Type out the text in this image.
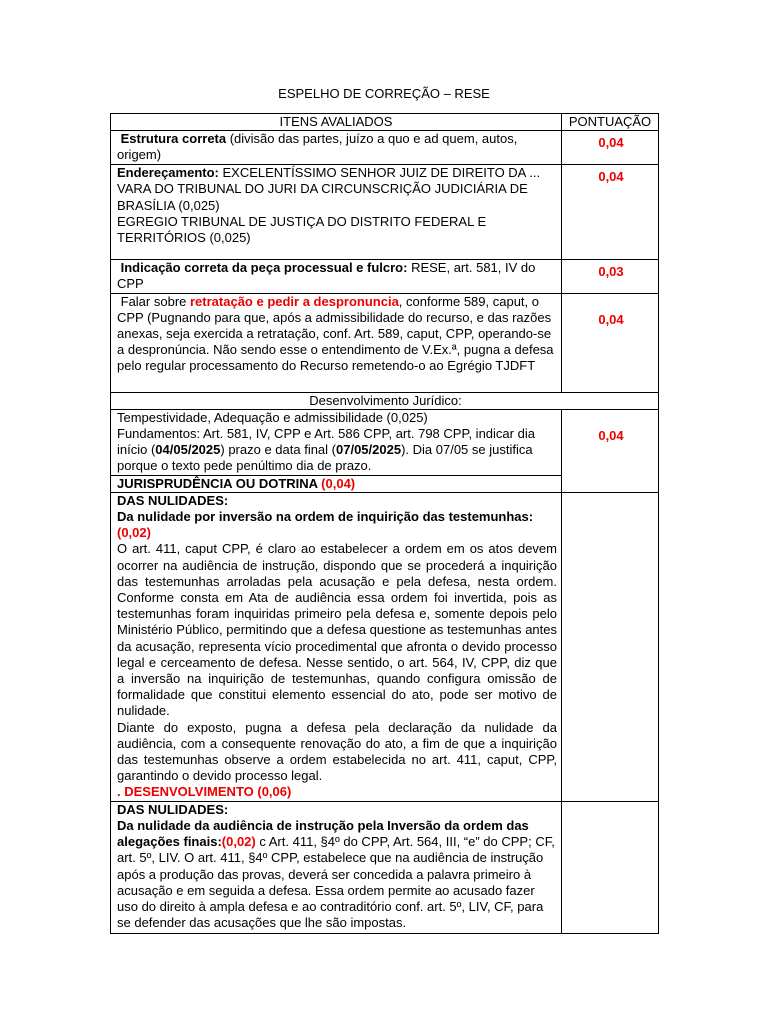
ESPELHO DE CORREÇÃO – RESE
ITENS AVALIADOS	PONTUAÇÃO
Estrutura correta (divisão das partes, juízo a quo e ad quem, autos, origem)	0,04
Endereçamento: EXCELENTÍSSIMO SENHOR JUIZ DE DIREITO DA ... VARA DO TRIBUNAL DO JURI DA CIRCUNSCRIÇÃO JUDICIÁRIA DE BRASÍLIA (0,025)
EGREGIO TRIBUNAL DE JUSTIÇA DO DISTRITO FEDERAL E TERRITÓRIOS (0,025)	0,04
Indicação correta da peça processual e fulcro: RESE, art. 581, IV do CPP	0,03
Falar sobre retratação e pedir a despronuncia, conforme 589, caput, o CPP (Pugnando para que, após a admissibilidade do recurso, e das razões anexas, seja exercida a retratação, conf. Art. 589, caput, CPP, operando-se a despronúncia. Não sendo esse o entendimento de V.Ex.ª, pugna a defesa pelo regular processamento do Recurso remetendo-o ao Egrégio TJDFT	0,04
Desenvolvimento Jurídico:	

Tempestividade, Adequação e admissibilidade (0,025)
Fundamentos: Art. 581, IV, CPP e Art. 586 CPP, art. 798 CPP, indicar dia início (04/05/2025) prazo e data final (07/05/2025). Dia 07/05 se justifica porque o texto pede penúltimo dia de prazo.
JURISPRUDÊNCIA OU DOTRINA (0,04)	0,04

DAS NULIDADES:
Da nulidade por inversão na ordem de inquirição das testemunhas:(0,02)
O art. 411, caput CPP, é claro ao estabelecer a ordem em os atos devem ocorrer na audiência de instrução, dispondo que se procederá a inquirição das testemunhas arroladas pela acusação e pela defesa, nesta ordem. Conforme consta em Ata de audiência essa ordem foi invertida, pois as testemunhas foram inquiridas primeiro pela defesa e, somente depois pelo Ministério Público, permitindo que a defesa questione as testemunhas antes da acusação, representa vício procedimental que afronta o devido processo legal e cerceamento de defesa. Nesse sentido, o art. 564, IV, CPP, diz que a inversão na inquirição de testemunhas, quando configura omissão de formalidade que constitui elemento essencial do ato, pode ser motivo de nulidade.
Diante do exposto, pugna a defesa pela declaração da nulidade da audiência, com a consequente renovação do ato, a fim de que a inquirição das testemunhas observe a ordem estabelecida no art. 411, caput, CPP, garantindo o devido processo legal.
. DESENVOLVIMENTO (0,06)	

DAS NULIDADES:
Da nulidade da audiência de instrução pela Inversão da ordem das alegações finais:(0,02) c Art. 411, §4º do CPP, Art. 564, III, “e” do CPP; CF, art. 5º, LIV. O art. 411, §4º CPP, estabelece que na audiência de instrução após a produção das provas, deverá ser concedida a palavra primeiro à acusação e em seguida a defesa. Essa ordem permite ao acusado fazer uso do direito à ampla defesa e ao contraditório conf. art. 5º, LIV, CF, para se defender das acusações que lhe são impostas.	
